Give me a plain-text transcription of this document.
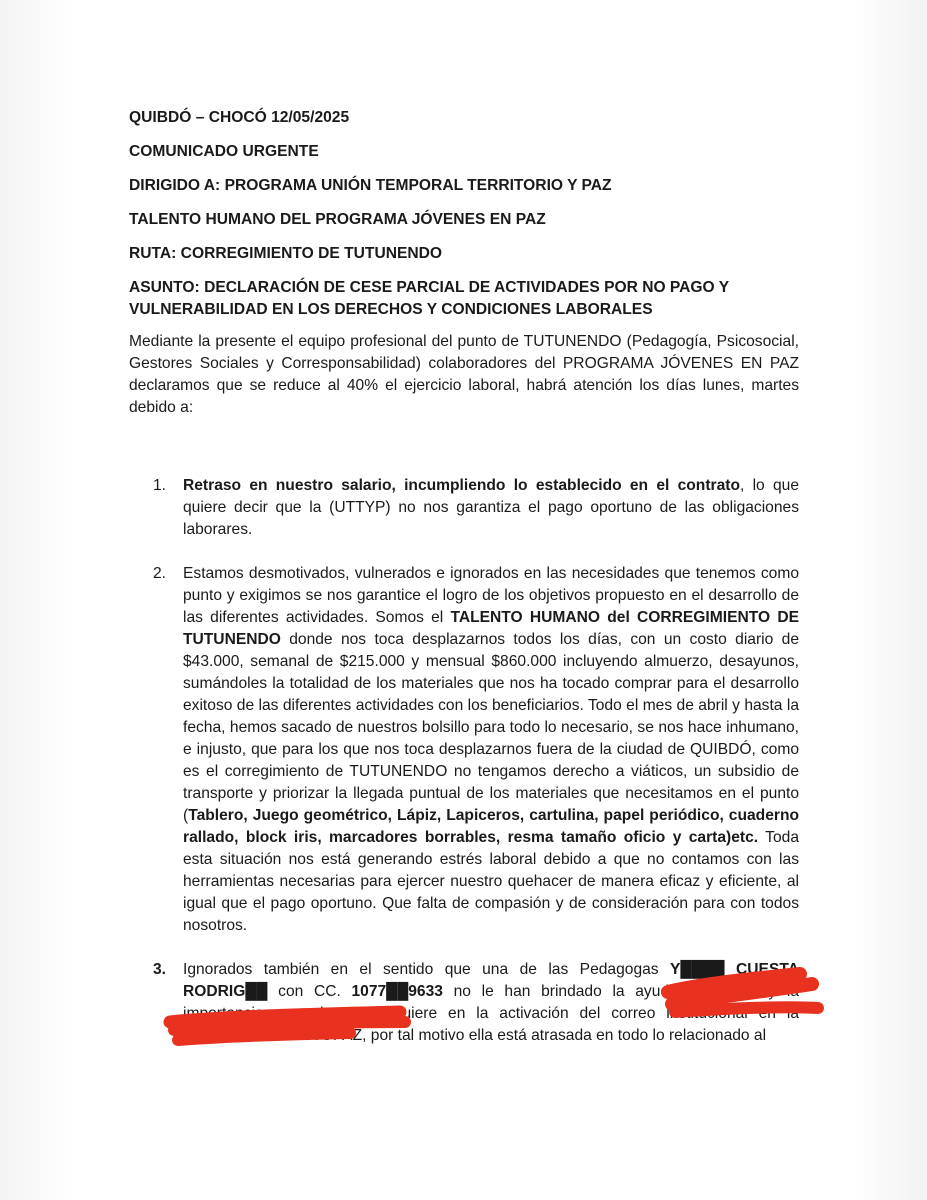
QUIBDÓ – CHOCÓ 12/05/2025

COMUNICADO URGENTE

DIRIGIDO A: PROGRAMA UNIÓN TEMPORAL TERRITORIO Y PAZ

TALENTO HUMANO DEL PROGRAMA JÓVENES EN PAZ

RUTA: CORREGIMIENTO DE TUTUNENDO

ASUNTO: DECLARACIÓN DE CESE PARCIAL DE ACTIVIDADES POR NO PAGO Y VULNERABILIDAD EN LOS DERECHOS Y CONDICIONES LABORALES

Mediante la presente el equipo profesional del punto de TUTUNENDO (Pedagogía, Psicosocial, Gestores Sociales y Corresponsabilidad) colaboradores del PROGRAMA JÓVENES EN PAZ declaramos que se reduce al 40% el ejercicio laboral, habrá atención los días lunes, martes debido a:

1. Retraso en nuestro salario, incumpliendo lo establecido en el contrato, lo que quiere decir que la (UTTYP) no nos garantiza el pago oportuno de las obligaciones laborares.
2. Estamos desmotivados, vulnerados e ignorados en las necesidades que tenemos como punto y exigimos se nos garantice el logro de los objetivos propuesto en el desarrollo de las diferentes actividades. Somos el TALENTO HUMANO del CORREGIMIENTO DE TUTUNENDO donde nos toca desplazarnos todos los días, con un costo diario de $43.000, semanal de $215.000 y mensual $860.000 incluyendo almuerzo, desayunos, sumándoles la totalidad de los materiales que nos ha tocado comprar para el desarrollo exitoso de las diferentes actividades con los beneficiarios. Todo el mes de abril y hasta la fecha, hemos sacado de nuestros bolsillo para todo lo necesario, se nos hace inhumano, e injusto, que para los que nos toca desplazarnos fuera de la ciudad de QUIBDÓ, como es el corregimiento de TUTUNENDO no tengamos derecho a viáticos, un subsidio de transporte y priorizar la llegada puntual de los materiales que necesitamos en el punto (Tablero, Juego geométrico, Lápiz, Lapiceros, cartulina, papel periódico, cuaderno rallado, block iris, marcadores borrables, resma tamaño oficio y carta)etc. Toda esta situación nos está generando estrés laboral debido a que no contamos con las herramientas necesarias para ejercer nuestro quehacer de manera eficaz y eficiente, al igual que el pago oportuno. Que falta de compasión y de consideración para con todos nosotros.
3. Ignorados también en el sentido que una de las Pedagogas Y████ CUESTA RODRIG██ con CC. 1077██9633 no le han brindado la ayuda pertinente y la importancia que el tema requiere en la activación del correo institucional en la Plataforma del SISJOPAZ, por tal motivo ella está atrasada en todo lo relacionado al
